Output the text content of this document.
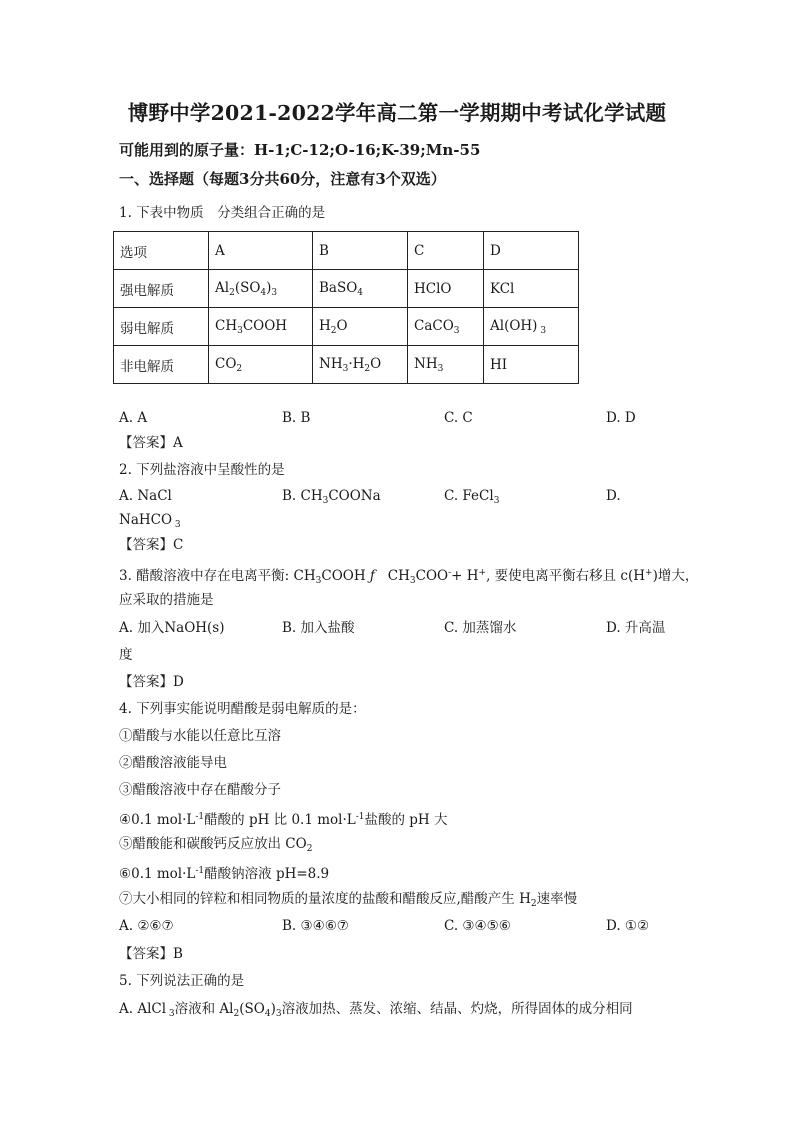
博野中学2021-2022学年高二第一学期期中考试化学试题
可能用到的原子量：H-1;C-12;O-16;K-39;Mn-55
一、选择题（每题3分共60分，注意有3个双选）
1. 下表中物质　分类组合正确的是
选项	A	B	C	D
强电解质	$Al_2(SO_4)_3$	BaSO$_4$	HClO	KCl
弱电解质	$CH_3COOH$	$H_2O$	CaCO$_3$	Al(OH) $_3$
非电解质	$CO_2$	$NH_3\cdot H_2O$	$NH_3$	HI
A. A	B. B	C. C	D. D
【答案】A
2. 下列盐溶液中呈酸性的是
A. NaCl	B. $CH_3COONa$	C. FeCl$_3$	D.
NaHCO $_3$
【答案】C
3. 醋酸溶液中存在电离平衡: $CH_3COOH$ ƒ   $CH_3COO^-+ H^+$, 要使电离平衡右移且 c(H+)增大，
应采取的措施是
A. 加入NaOH(s)	B. 加入盐酸	C. 加蒸馏水	D. 升高温
度
【答案】D
4. 下列事实能说明醋酸是弱电解质的是：
①醋酸与水能以任意比互溶
②醋酸溶液能导电
③醋酸溶液中存在醋酸分子
④0.1 $mol\cdot L^{-1}$醋酸的 pH 比 0.1 $mol\cdot L^{-1}$盐酸的 pH 大
⑤醋酸能和碳酸钙反应放出 $CO_2$
⑥0.1 $mol\cdot L^{-1}$醋酸钠溶液 pH=8.9
⑦大小相同的锌粒和相同物质的量浓度的盐酸和醋酸反应,醋酸产生 $H_2$速率慢
A. ②⑥⑦	B. ③④⑥⑦	C. ③④⑤⑥	D. ①②
【答案】B
5. 下列说法正确的是
A. AlCl $_3$溶液和 $Al_2(SO_4)_3$溶液加热、蒸发、浓缩、结晶、灼烧，所得固体的成分相同
